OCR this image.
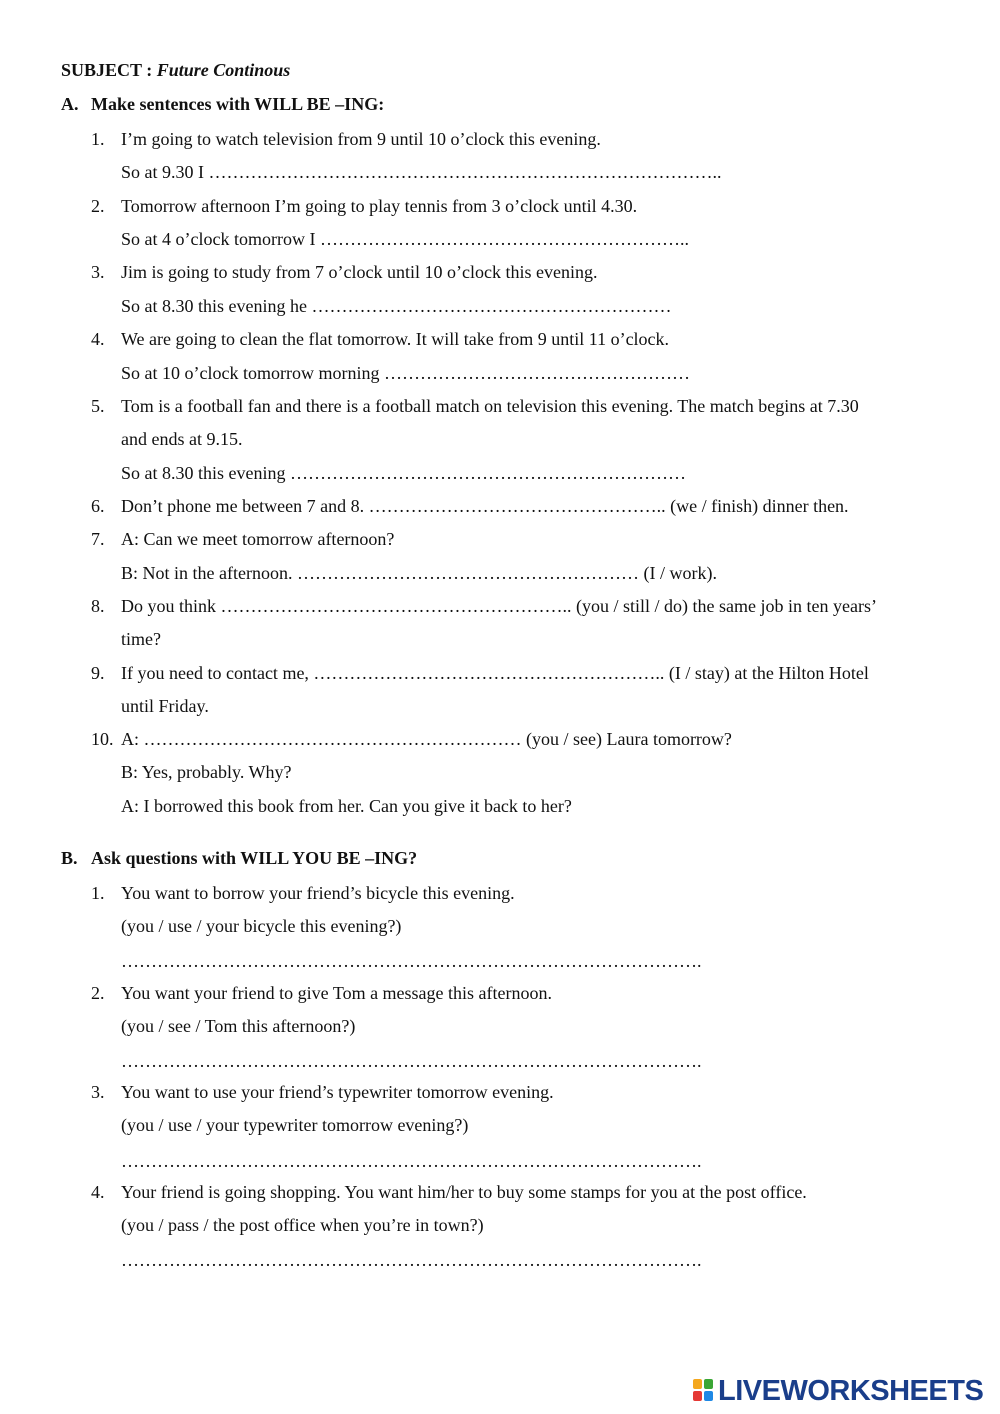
SUBJECT : Future Continous
A. Make sentences with WILL BE –ING:
1. I’m going to watch television from 9 until 10 o’clock this evening.
So at 9.30 I …………………………………………………………………………..
2. Tomorrow afternoon I’m going to play tennis from 3 o’clock until 4.30.
So at 4 o’clock tomorrow I ……………………………………………………..
3. Jim is going to study from 7 o’clock until 10 o’clock this evening.
So at 8.30 this evening he ……………………………………………………
4. We are going to clean the flat tomorrow. It will take from 9 until 11 o’clock.
So at 10 o’clock tomorrow morning ……………………………………………
5. Tom is a football fan and there is a football match on television this evening. The match begins at 7.30
and ends at 9.15.
So at 8.30 this evening …………………………………………………………
6. Don’t phone me between 7 and 8. ………………………………………….. (we / finish) dinner then.
7. A: Can we meet tomorrow afternoon?
B: Not in the afternoon. ………………………………………………… (I / work).
8. Do you think ………………………………………………….. (you / still / do) the same job in ten years’
time?
9. If you need to contact me, ………………………………………………….. (I / stay) at the Hilton Hotel
until Friday.
10. A: ……………………………………………………… (you / see) Laura tomorrow?
B: Yes, probably. Why?
A: I borrowed this book from her. Can you give it back to her?
B. Ask questions with WILL YOU BE –ING?
1. You want to borrow your friend’s bicycle this evening.
(you / use / your bicycle this evening?)
…………………………………………………………………………………….
2. You want your friend to give Tom a message this afternoon.
(you / see / Tom this afternoon?)
…………………………………………………………………………………….
3. You want to use your friend’s typewriter tomorrow evening.
(you / use / your typewriter tomorrow evening?)
…………………………………………………………………………………….
4. Your friend is going shopping. You want him/her to buy some stamps for you at the post office.
(you / pass / the post office when you’re in town?)
…………………………………………………………………………………….
LIVEWORKSHEETS
